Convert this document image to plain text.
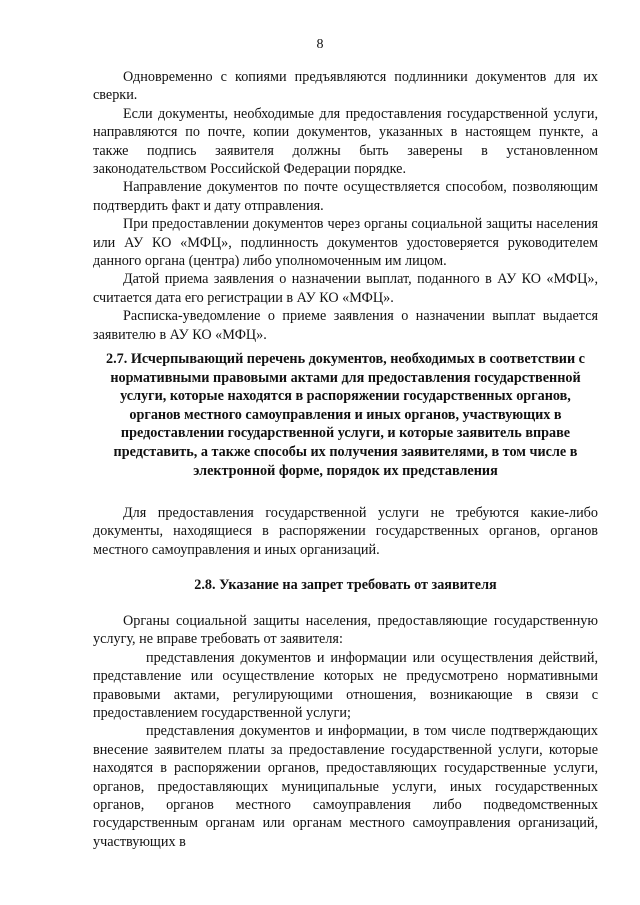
8

Одновременно с копиями предъявляются подлинники документов для их сверки.

Если документы, необходимые для предоставления государственной услуги, направляются по почте, копии документов, указанных в настоящем пункте, а также подпись заявителя должны быть заверены в установленном законодательством Российской Федерации порядке.

Направление документов по почте осуществляется способом, позволяющим подтвердить факт и дату отправления.

При предоставлении документов через органы социальной защиты населения или АУ КО «МФЦ», подлинность документов удостоверяется руководителем данного органа (центра) либо уполномоченным им лицом.

Датой приема заявления о назначении выплат, поданного в АУ КО «МФЦ», считается дата его регистрации в АУ КО «МФЦ».

Расписка-уведомление о приеме заявления о назначении выплат выдается заявителю в АУ КО «МФЦ».

2.7. Исчерпывающий перечень документов, необходимых в соответствии с нормативными правовыми актами для предоставления государственной услуги, которые находятся в распоряжении государственных органов, органов местного самоуправления и иных органов, участвующих в предоставлении государственной услуги, и которые заявитель вправе представить, а также способы их получения заявителями, в том числе в электронной форме, порядок их представления

Для предоставления государственной услуги не требуются какие-либо документы, находящиеся в распоряжении государственных органов, органов местного самоуправления и иных организаций.

2.8. Указание на запрет требовать от заявителя

Органы социальной защиты населения, предоставляющие государственную услугу, не вправе требовать от заявителя:

представления документов и информации или осуществления действий, представление или осуществление которых не предусмотрено нормативными правовыми актами, регулирующими отношения, возникающие в связи с предоставлением государственной услуги;

представления документов и информации, в том числе подтверждающих внесение заявителем платы за предоставление государственной услуги, которые находятся в распоряжении органов, предоставляющих государственные услуги, органов, предоставляющих муниципальные услуги, иных государственных органов, органов местного самоуправления либо подведомственных государственным органам или органам местного самоуправления организаций, участвующих в
